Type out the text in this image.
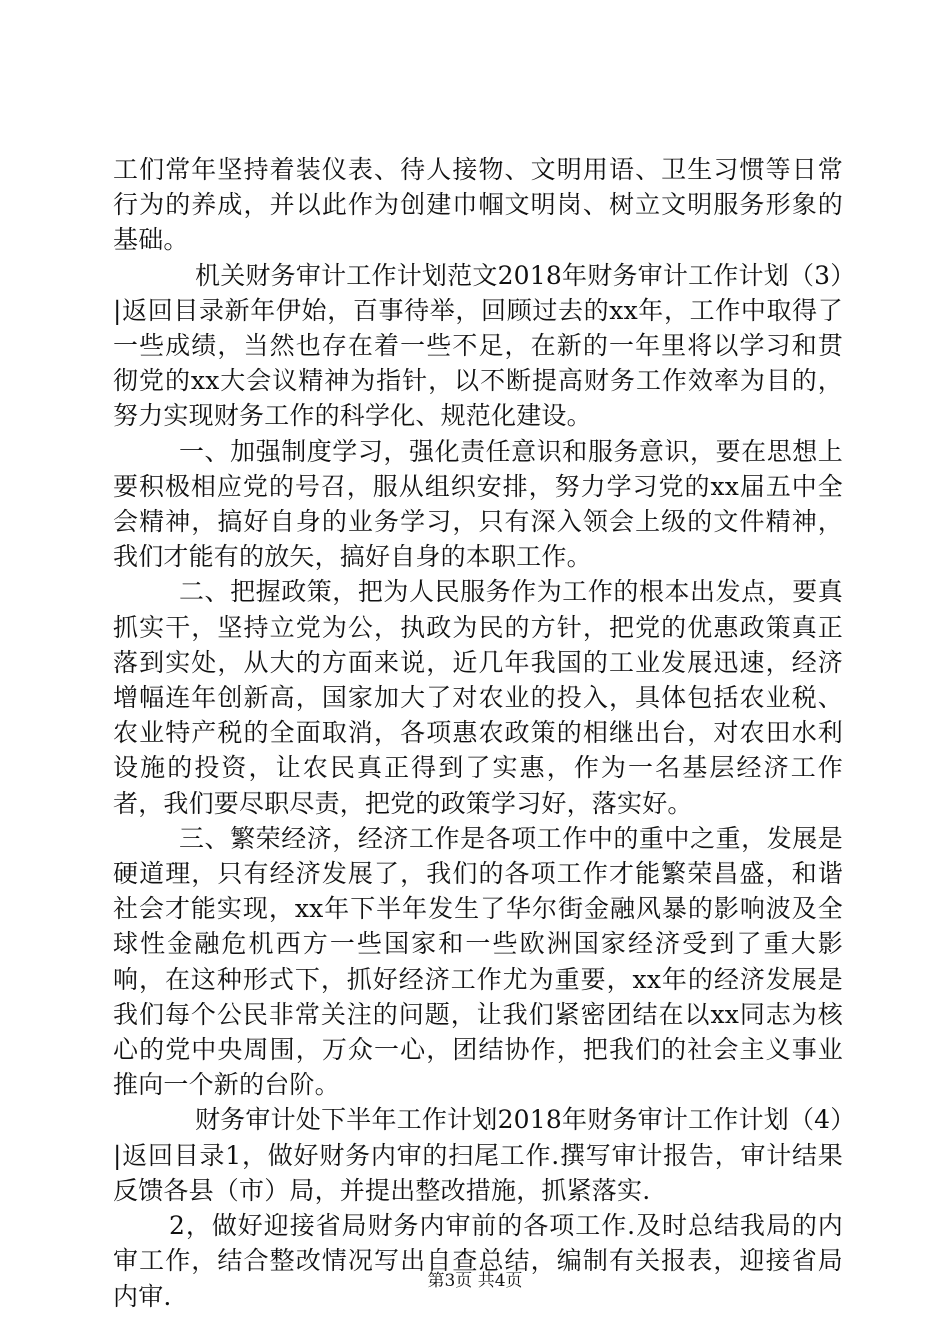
工们常年坚持着装仪表、待人接物、文明用语、卫生习惯等日常行为的养成，并以此作为创建巾帼文明岗、树立文明服务形象的基础。

机关财务审计工作计划范文2018年财务审计工作计划（3）|返回目录新年伊始，百事待举，回顾过去的xx年，工作中取得了一些成绩，当然也存在着一些不足，在新的一年里将以学习和贯彻党的xx大会议精神为指针，以不断提高财务工作效率为目的，努力实现财务工作的科学化、规范化建设。

一、加强制度学习，强化责任意识和服务意识，要在思想上要积极相应党的号召，服从组织安排，努力学习党的xx届五中全会精神，搞好自身的业务学习，只有深入领会上级的文件精神，我们才能有的放矢，搞好自身的本职工作。

二、把握政策，把为人民服务作为工作的根本出发点，要真抓实干，坚持立党为公，执政为民的方针，把党的优惠政策真正落到实处，从大的方面来说，近几年我国的工业发展迅速，经济增幅连年创新高，国家加大了对农业的投入，具体包括农业税、农业特产税的全面取消，各项惠农政策的相继出台，对农田水利设施的投资，让农民真正得到了实惠，作为一名基层经济工作者，我们要尽职尽责，把党的政策学习好，落实好。

三、繁荣经济，经济工作是各项工作中的重中之重，发展是硬道理，只有经济发展了，我们的各项工作才能繁荣昌盛，和谐社会才能实现，xx年下半年发生了华尔街金融风暴的影响波及全球性金融危机西方一些国家和一些欧洲国家经济受到了重大影响，在这种形式下，抓好经济工作尤为重要，xx年的经济发展是我们每个公民非常关注的问题，让我们紧密团结在以xx同志为核心的党中央周围，万众一心，团结协作，把我们的社会主义事业推向一个新的台阶。

财务审计处下半年工作计划2018年财务审计工作计划（4）|返回目录1，做好财务内审的扫尾工作.撰写审计报告，审计结果反馈各县（市）局，并提出整改措施，抓紧落实.

2，做好迎接省局财务内审前的各项工作.及时总结我局的内审工作，结合整改情况写出自查总结，编制有关报表，迎接省局内审.

第3页 共4页
